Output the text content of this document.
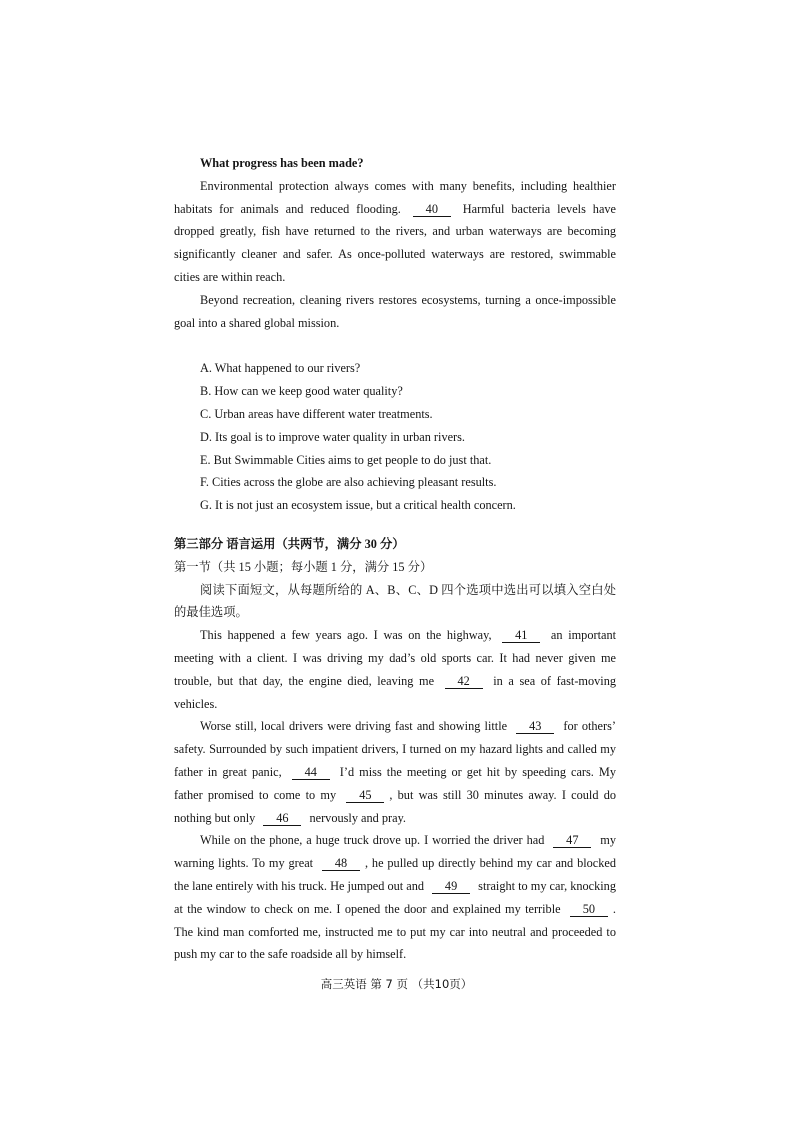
What progress has been made?

Environmental protection always comes with many benefits, including healthier habitats for animals and reduced flooding. 40 Harmful bacteria levels have dropped greatly, fish have returned to the rivers, and urban waterways are becoming significantly cleaner and safer. As once-polluted waterways are restored, swimmable cities are within reach.

Beyond recreation, cleaning rivers restores ecosystems, turning a once-impossible goal into a shared global mission.

A. What happened to our rivers?

B. How can we keep good water quality?

C. Urban areas have different water treatments.

D. Its goal is to improve water quality in urban rivers.

E. But Swimmable Cities aims to get people to do just that.

F. Cities across the globe are also achieving pleasant results.

G. It is not just an ecosystem issue, but a critical health concern.

第三部分 语言运用（共两节，满分 30 分）

第一节（共 15 小题；每小题 1 分，满分 15 分）

阅读下面短文，从每题所给的 A、B、C、D 四个选项中选出可以填入空白处的最佳选项。

This happened a few years ago. I was on the highway, 41 an important meeting with a client. I was driving my dad’s old sports car. It had never given me trouble, but that day, the engine died, leaving me 42 in a sea of fast-moving vehicles.

Worse still, local drivers were driving fast and showing little 43 for others’ safety. Surrounded by such impatient drivers, I turned on my hazard lights and called my father in great panic, 44 I’d miss the meeting or get hit by speeding cars. My father promised to come to my 45 , but was still 30 minutes away. I could do nothing but only 46 nervously and pray.

While on the phone, a huge truck drove up. I worried the driver had 47 my warning lights. To my great 48 , he pulled up directly behind my car and blocked the lane entirely with his truck. He jumped out and 49 straight to my car, knocking at the window to check on me. I opened the door and explained my terrible 50 . The kind man comforted me, instructed me to put my car into neutral and proceeded to push my car to the safe roadside all by himself.

高三英语 第 7 页 （共10页）
